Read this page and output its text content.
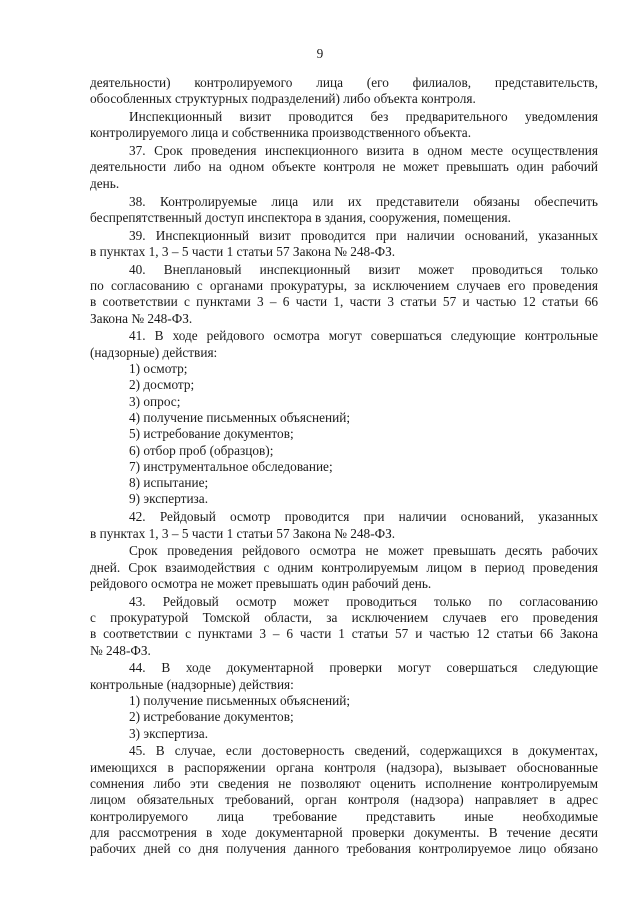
9
деятельности) контролируемого лица (его филиалов, представительств,
обособленных структурных подразделений) либо объекта контроля.
Инспекционный визит проводится без предварительного уведомления
контролируемого лица и собственника производственного объекта.
37. Срок проведения инспекционного визита в одном месте осуществления
деятельности либо на одном объекте контроля не может превышать один рабочий
день.
38. Контролируемые лица или их представители обязаны обеспечить
беспрепятственный доступ инспектора в здания, сооружения, помещения.
39. Инспекционный визит проводится при наличии оснований, указанных
в пунктах 1, 3 – 5 части 1 статьи 57 Закона № 248-ФЗ.
40. Внеплановый инспекционный визит может проводиться только
по согласованию с органами прокуратуры, за исключением случаев его проведения
в соответствии с пунктами 3 – 6 части 1, части 3 статьи 57 и частью 12 статьи 66
Закона № 248-ФЗ.
41. В ходе рейдового осмотра могут совершаться следующие контрольные
(надзорные) действия:
1) осмотр;
2) досмотр;
3) опрос;
4) получение письменных объяснений;
5) истребование документов;
6) отбор проб (образцов);
7) инструментальное обследование;
8) испытание;
9) экспертиза.
42. Рейдовый осмотр проводится при наличии оснований, указанных
в пунктах 1, 3 – 5 части 1 статьи 57 Закона № 248-ФЗ.
Срок проведения рейдового осмотра не может превышать десять рабочих
дней. Срок взаимодействия с одним контролируемым лицом в период проведения
рейдового осмотра не может превышать один рабочий день.
43. Рейдовый осмотр может проводиться только по согласованию
с прокуратурой Томской области, за исключением случаев его проведения
в соответствии с пунктами 3 – 6 части 1 статьи 57 и частью 12 статьи 66 Закона
№ 248-ФЗ.
44. В ходе документарной проверки могут совершаться следующие
контрольные (надзорные) действия:
1) получение письменных объяснений;
2) истребование документов;
3) экспертиза.
45. В случае, если достоверность сведений, содержащихся в документах,
имеющихся в распоряжении органа контроля (надзора), вызывает обоснованные
сомнения либо эти сведения не позволяют оценить исполнение контролируемым
лицом обязательных требований, орган контроля (надзора) направляет в адрес
контролируемого лица требование представить иные необходимые
для рассмотрения в ходе документарной проверки документы. В течение десяти
рабочих дней со дня получения данного требования контролируемое лицо обязано
